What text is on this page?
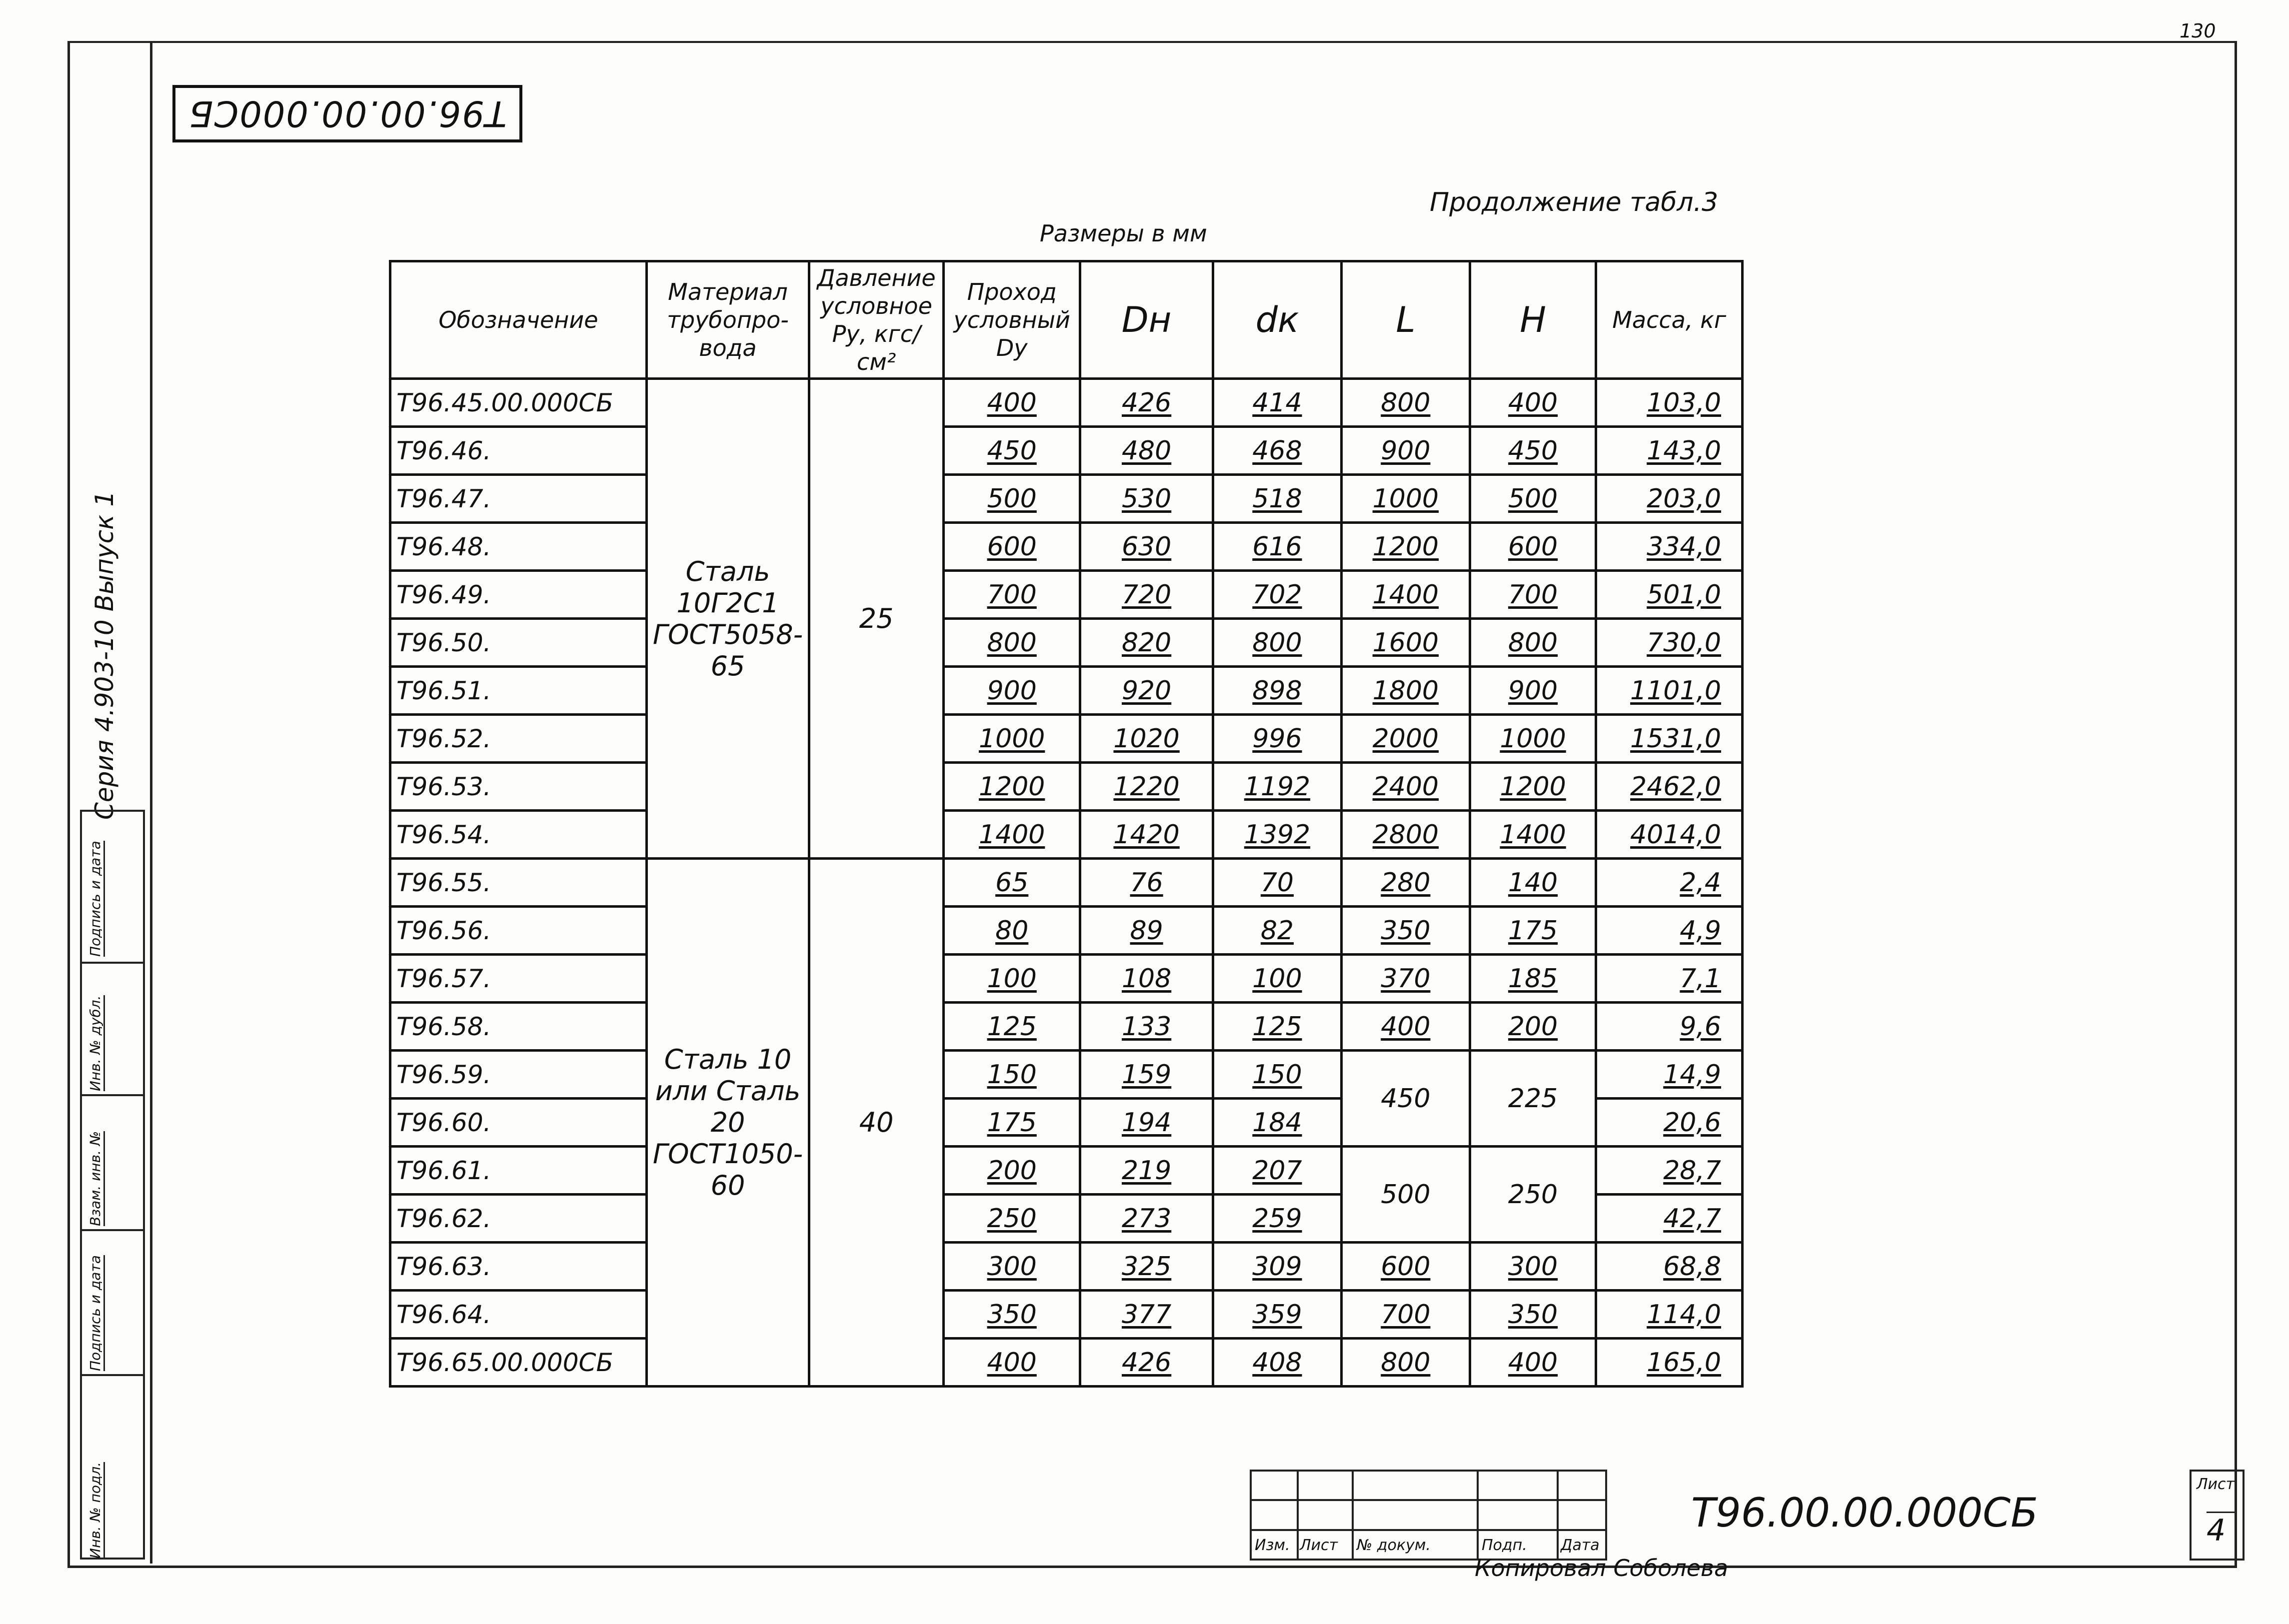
130
Т96.00.00.000СБ
Продолжение табл.3
Размеры в мм
Серия 4.903-10 Выпуск 1
Подпись и дата
Инв. № дубл.
Взам. инв. №
Подпись и дата
Инв. № подл.
Обозначение	Материал трубопро-вода	Давление условное Ру, кгс/см²	Проход условный Dу	Dн	dк	L	H	Масса, кг
Т96.45.00.000СБ	Сталь 10Г2С1 ГОСТ5058-65	25	400	426	414	800	400	103,0
Т96.46.			450	480	468	900	450	143,0
Т96.47.			500	530	518	1000	500	203,0
Т96.48.			600	630	616	1200	600	334,0
Т96.49.			700	720	702	1400	700	501,0
Т96.50.			800	820	800	1600	800	730,0
Т96.51.			900	920	898	1800	900	1101,0
Т96.52.			1000	1020	996	2000	1000	1531,0
Т96.53.			1200	1220	1192	2400	1200	2462,0
Т96.54.			1400	1420	1392	2800	1400	4014,0
Т96.55.	Сталь 10 или Сталь 20 ГОСТ1050-60	40	65	76	70	280	140	2,4
Т96.56.			80	89	82	350	175	4,9
Т96.57.			100	108	100	370	185	7,1
Т96.58.			125	133	125	400	200	9,6
Т96.59.			150	159	150	450	225	14,9
Т96.60.			175	194	184			20,6
Т96.61.			200	219	207	500	250	28,7
Т96.62.			250	273	259			42,7
Т96.63.			300	325	309	600	300	68,8
Т96.64.			350	377	359	700	350	114,0
Т96.65.00.000СБ			400	426	408	800	400	165,0
Изм. Лист № докум.	Подп. Дата
Т96.00.00.000СБ
Лист
4
Копировал Соболева
